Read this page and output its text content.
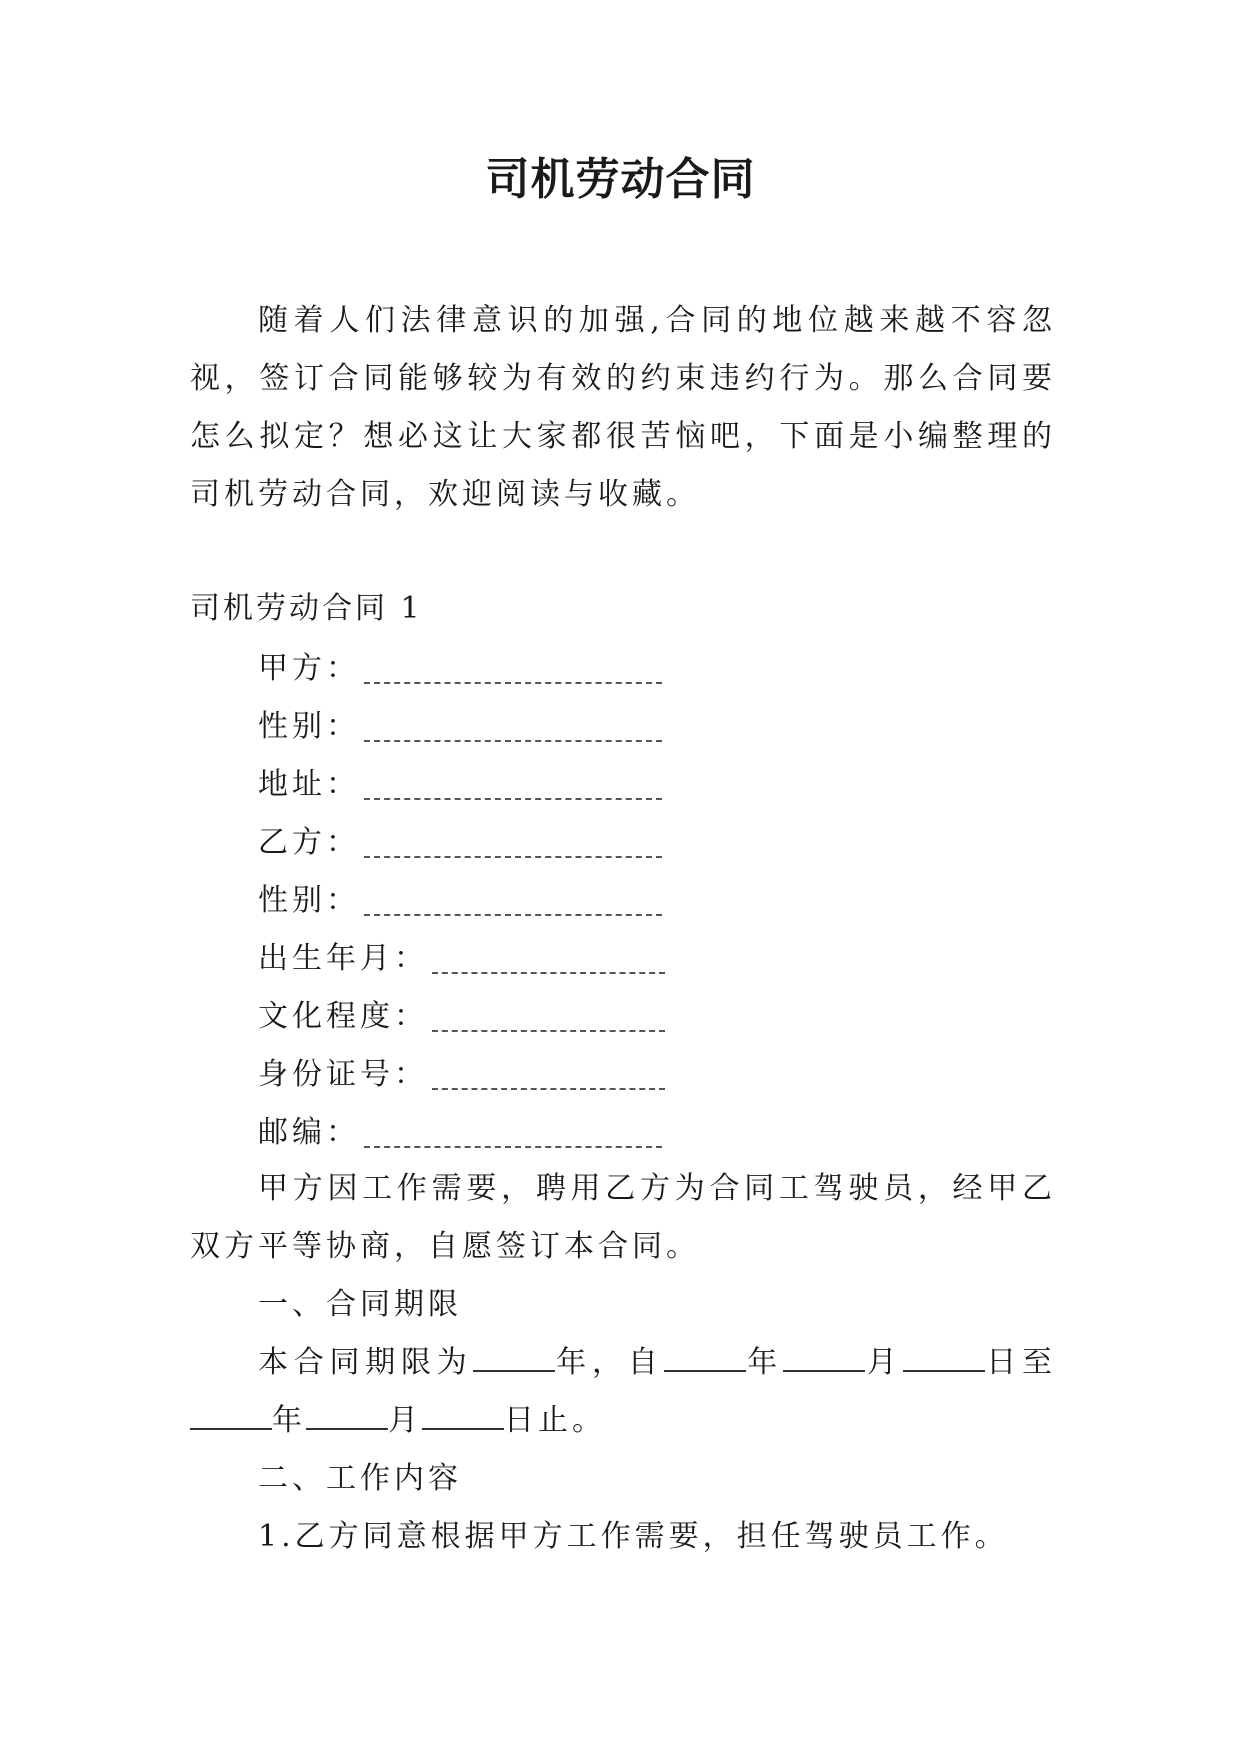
司机劳动合同
随着人们法律意识的加强,合同的地位越来越不容忽视，签订合同能够较为有效的约束违约行为。那么合同要怎么拟定？想必这让大家都很苦恼吧，下面是小编整理的司机劳动合同，欢迎阅读与收藏。
司机劳动合同 1
甲方：
性别：
地址：
乙方：
性别：
出生年月：
文化程度：
身份证号：
邮编：
甲方因工作需要，聘用乙方为合同工驾驶员，经甲乙双方平等协商，自愿签订本合同。
一、合同期限
本合同期限为	年，自	年	月	日至年	月	日止。
二、工作内容
1.乙方同意根据甲方工作需要，担任驾驶员工作。
